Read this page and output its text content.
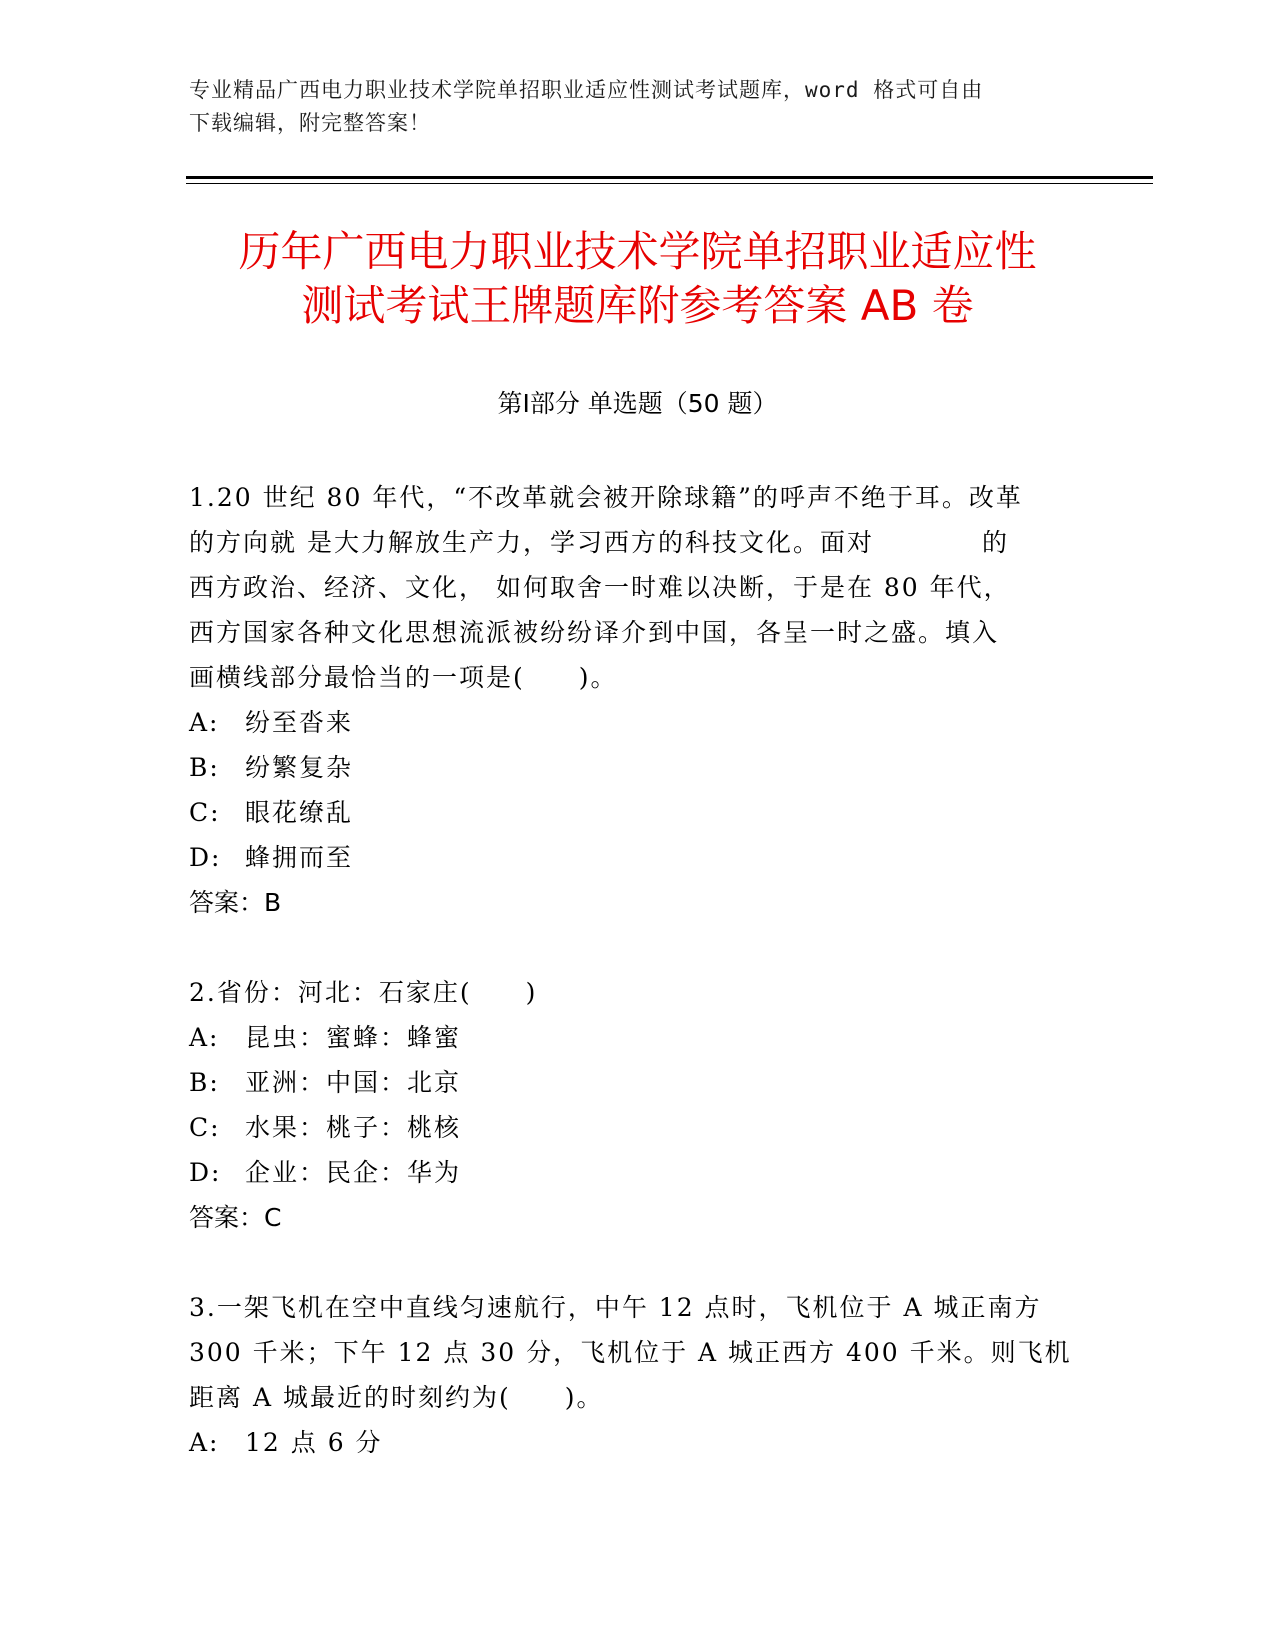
专业精品广西电力职业技术学院单招职业适应性测试考试题库，word 格式可自由
下载编辑，附完整答案！
历年广西电力职业技术学院单招职业适应性
测试考试王牌题库附参考答案 AB 卷
第Ⅰ部分 单选题（50 题）

1.20 世纪 80 年代，“不改革就会被开除球籍”的呼声不绝于耳。改革
的方向就 是大力解放生产力，学习西方的科技文化。面对　　　　的
西方政治、经济、文化， 如何取舍一时难以决断，于是在 80 年代，
西方国家各种文化思想流派被纷纷译介到中国，各呈一时之盛。填入
画横线部分最恰当的一项是(　　)。

A:	纷至沓来
B:	纷繁复杂
C: 眼花缭乱
D: 蜂拥而至

答案：B

2.省份：河北：石家庄(　　)

A:	昆虫：蜜蜂：蜂蜜
B:	亚洲：中国：北京
C: 水果：桃子：桃核
D: 企业：民企：华为

答案：C

3.一架飞机在空中直线匀速航行，中午 12 点时，飞机位于 A 城正南方
300 千米；下午 12 点 30 分，飞机位于 A 城正西方 400 千米。则飞机
距离 A 城最近的时刻约为(　　)。

A:	12 点 6 分
